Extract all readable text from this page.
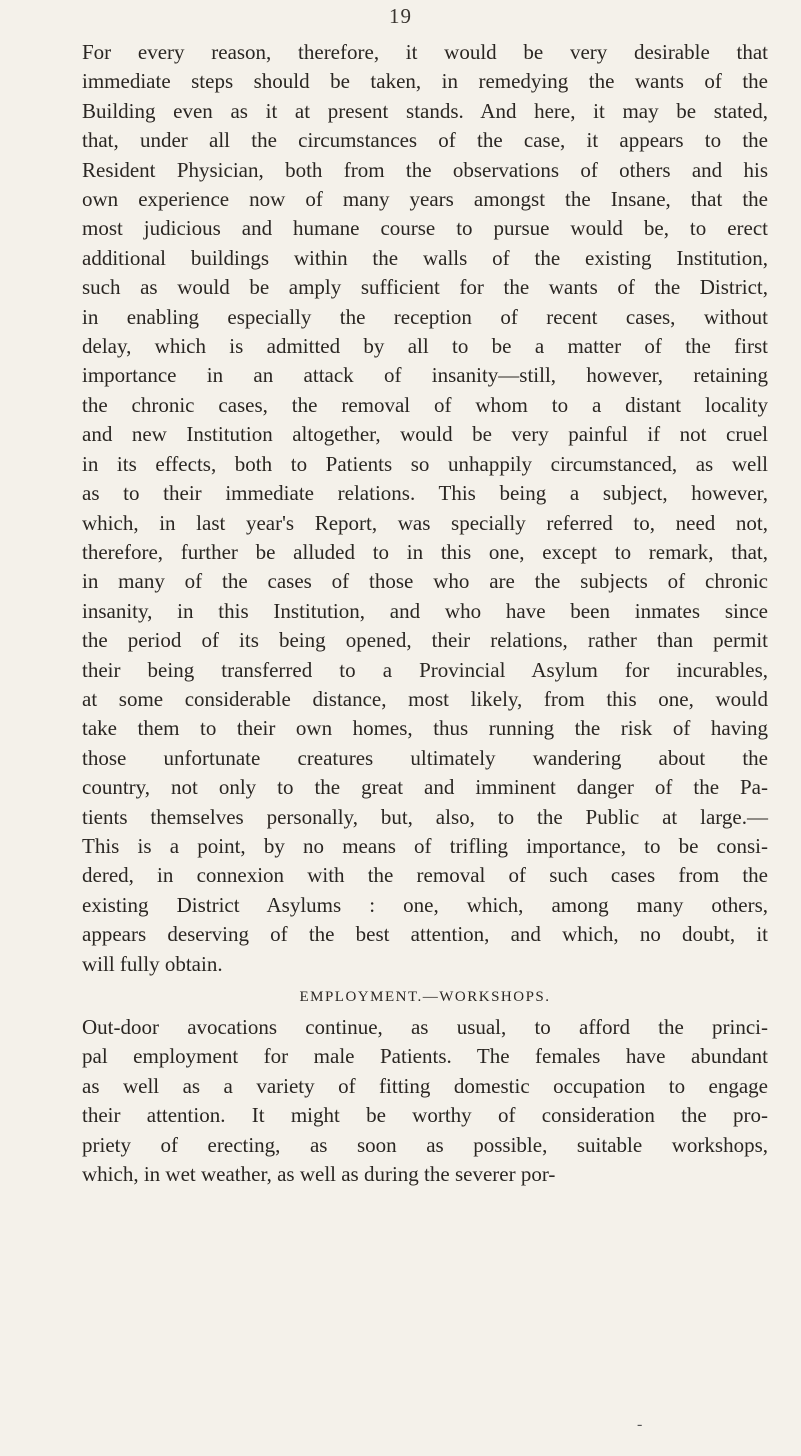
19
For every reason, therefore, it would be very desirable that
immediate steps should be taken, in remedying the wants of the
Building even as it at present stands. And here, it may be stated,
that, under all the circumstances of the case, it appears to the
Resident Physician, both from the observations of others and his
own experience now of many years amongst the Insane, that the
most judicious and humane course to pursue would be, to erect
additional buildings within the walls of the existing Institution,
such as would be amply sufficient for the wants of the District,
in enabling especially the reception of recent cases, without
delay, which is admitted by all to be a matter of the first
importance in an attack of insanity—still, however, retaining
the chronic cases, the removal of whom to a distant locality
and new Institution altogether, would be very painful if not cruel
in its effects, both to Patients so unhappily circumstanced, as well
as to their immediate relations. This being a subject, however,
which, in last year's Report, was specially referred to, need not,
therefore, further be alluded to in this one, except to remark, that,
in many of the cases of those who are the subjects of chronic
insanity, in this Institution, and who have been inmates since
the period of its being opened, their relations, rather than permit
their being transferred to a Provincial Asylum for incurables,
at some considerable distance, most likely, from this one, would
take them to their own homes, thus running the risk of having
those unfortunate creatures ultimately wandering about the
country, not only to the great and imminent danger of the Pa-
tients themselves personally, but, also, to the Public at large.—
This is a point, by no means of trifling importance, to be consi-
dered, in connexion with the removal of such cases from the
existing District Asylums : one, which, among many others,
appears deserving of the best attention, and which, no doubt, it
will fully obtain.
EMPLOYMENT.—WORKSHOPS.
Out-door avocations continue, as usual, to afford the princi-
pal employment for male Patients. The females have abundant
as well as a variety of fitting domestic occupation to engage
their attention. It might be worthy of consideration the pro-
priety of erecting, as soon as possible, suitable workshops,
which, in wet weather, as well as during the severer por-
-
